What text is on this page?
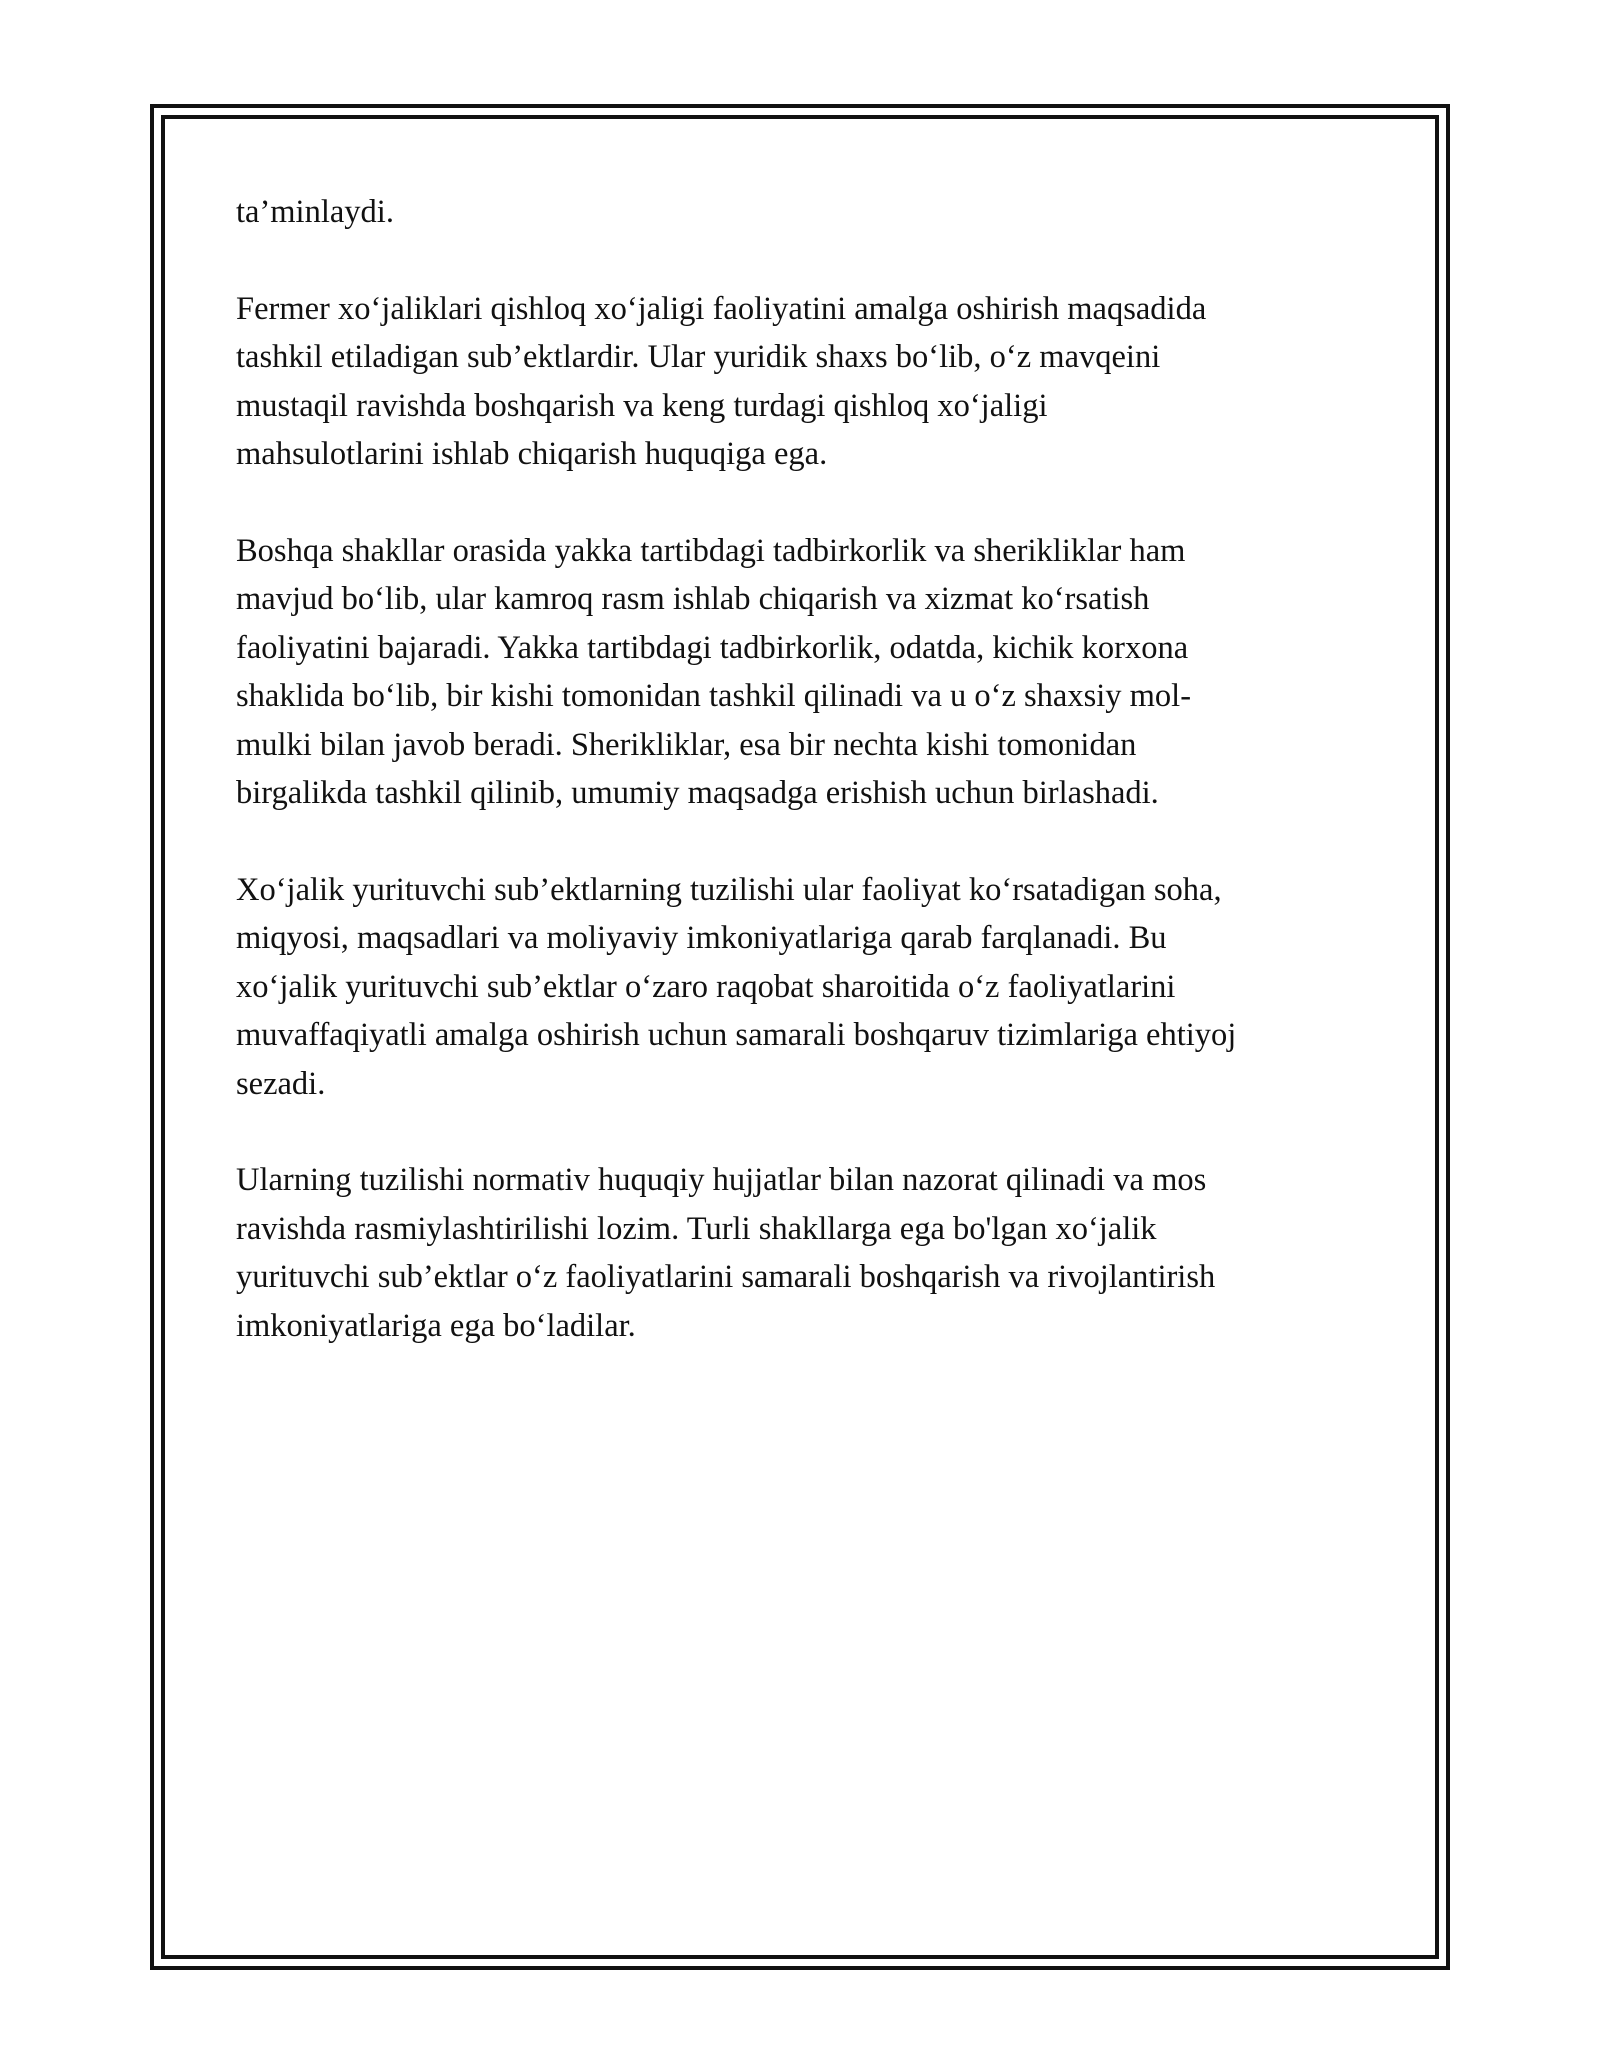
ta’minlaydi.

Fermer xo‘jaliklari qishloq xo‘jaligi faoliyatini amalga oshirish maqsadida
tashkil etiladigan sub’ektlardir. Ular yuridik shaxs bo‘lib, o‘z mavqeini
mustaqil ravishda boshqarish va keng turdagi qishloq xo‘jaligi
mahsulotlarini ishlab chiqarish huquqiga ega.

Boshqa shakllar orasida yakka tartibdagi tadbirkorlik va sherikliklar ham
mavjud bo‘lib, ular kamroq rasm ishlab chiqarish va xizmat ko‘rsatish
faoliyatini bajaradi. Yakka tartibdagi tadbirkorlik, odatda, kichik korxona
shaklida bo‘lib, bir kishi tomonidan tashkil qilinadi va u o‘z shaxsiy mol-
mulki bilan javob beradi. Sherikliklar, esa bir nechta kishi tomonidan
birgalikda tashkil qilinib, umumiy maqsadga erishish uchun birlashadi.

Xo‘jalik yurituvchi sub’ektlarning tuzilishi ular faoliyat ko‘rsatadigan soha,
miqyosi, maqsadlari va moliyaviy imkoniyatlariga qarab farqlanadi. Bu
xo‘jalik yurituvchi sub’ektlar o‘zaro raqobat sharoitida o‘z faoliyatlarini
muvaffaqiyatli amalga oshirish uchun samarali boshqaruv tizimlariga ehtiyoj
sezadi.

Ularning tuzilishi normativ huquqiy hujjatlar bilan nazorat qilinadi va mos
ravishda rasmiylashtirilishi lozim. Turli shakllarga ega bo'lgan xo‘jalik
yurituvchi sub’ektlar o‘z faoliyatlarini samarali boshqarish va rivojlantirish
imkoniyatlariga ega bo‘ladilar.
